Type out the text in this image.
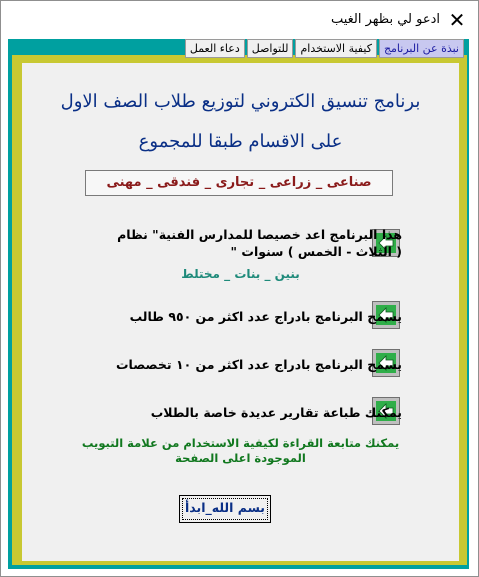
ادعو لي بظهر الغيب ✕
نبذة عن البرنامج
كيفية الاستخدام
للتواصل
دعاء العمل
برنامج تنسيق الكتروني لتوزيع طلاب الصف الاول
على الاقسام طبقا للمجموع
صناعى _ زراعى _ تجارى _ فندقى _ مهنى
هذا البرنامج اعد خصيصا للمدارس الفنية" نظام
( الثلاث - الخمس ) سنوات "
بنين _ بنات _ مختلط
يسمح البرنامج بادراج عدد اكثر من ٩٥٠ طالب
يسمح البرنامج بادراج عدد اكثر من ١٠ تخصصات
يمكنك طباعة تقارير عديدة خاصة بالطلاب
يمكنك متابعة القراءة لكيفية الاستخدام من علامة التبويب
الموجودة اعلى الصفحة
بسم الله_ابدأ
